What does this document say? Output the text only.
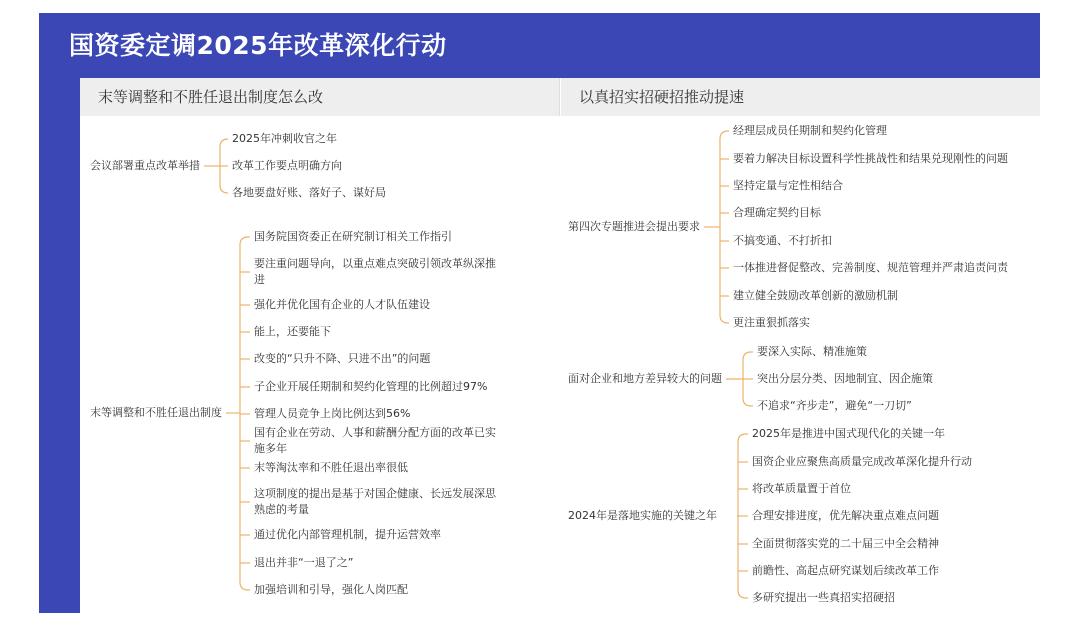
国资委定调2025年改革深化行动
末等调整和不胜任退出制度怎么改	以真招实招硬招推动提速
会议部署重点改革举措
2025年冲刺收官之年
改革工作要点明确方向
各地要盘好账、落好子、谋好局
末等调整和不胜任退出制度
国务院国资委正在研究制订相关工作指引
要注重问题导向，以重点难点突破引领改革纵深推进
强化并优化国有企业的人才队伍建设
能上，还要能下
改变的“只升不降、只进不出”的问题
子企业开展任期制和契约化管理的比例超过97%
管理人员竞争上岗比例达到56%
国有企业在劳动、人事和薪酬分配方面的改革已实施多年
末等淘汰率和不胜任退出率很低
这项制度的提出是基于对国企健康、长远发展深思熟虑的考量
通过优化内部管理机制，提升运营效率
退出并非“一退了之”
加强培训和引导，强化人岗匹配
第四次专题推进会提出要求
经理层成员任期制和契约化管理
要着力解决目标设置科学性挑战性和结果兑现刚性的问题
坚持定量与定性相结合
合理确定契约目标
不搞变通、不打折扣
一体推进督促整改、完善制度、规范管理并严肃追责问责
建立健全鼓励改革创新的激励机制
更注重狠抓落实
面对企业和地方差异较大的问题
要深入实际、精准施策
突出分层分类、因地制宜、因企施策
不追求“齐步走”，避免“一刀切”
2024年是落地实施的关键之年
2025年是推进中国式现代化的关键一年
国资企业应聚焦高质量完成改革深化提升行动
将改革质量置于首位
合理安排进度，优先解决重点难点问题
全面贯彻落实党的二十届三中全会精神
前瞻性、高起点研究谋划后续改革工作
多研究提出一些真招实招硬招
